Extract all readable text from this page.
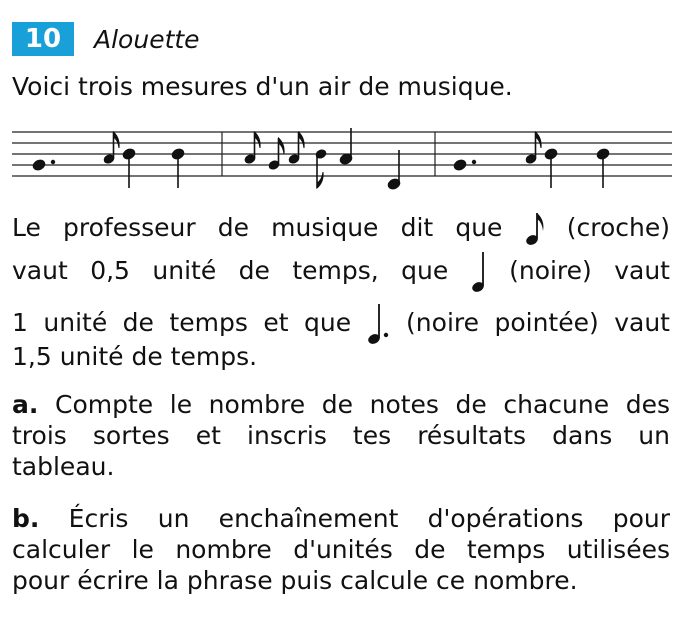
10	Alouette
Voici trois mesures d'un air de musique.
Le professeur de musique dit que	(croche)
vaut 0,5 unité de temps, que (noire) vaut
1 unité de temps et que (noire pointée) vaut
1,5 unité de temps.
a. Compte le nombre de notes de chacune des
trois sortes et inscris tes résultats dans un
tableau.
b. Écris un enchaînement d'opérations pour
calculer le nombre d'unités de temps utilisées
pour écrire la phrase puis calcule ce nombre.
